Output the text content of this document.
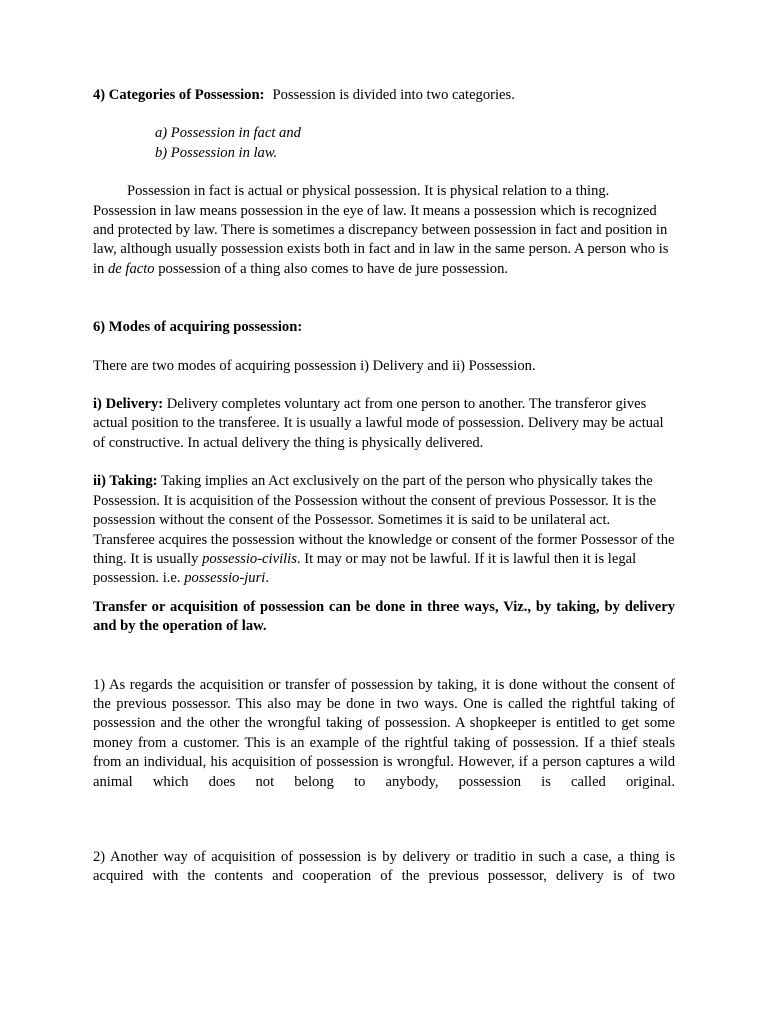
4) Categories of Possession: Possession is divided into two categories.

a) Possession in fact and

b) Possession in law.

Possession in fact is actual or physical possession. It is physical relation to a thing. Possession in law means possession in the eye of law. It means a possession which is recognized and protected by law. There is sometimes a discrepancy between possession in fact and position in law, although usually possession exists both in fact and in law in the same person. A person who is in de facto possession of a thing also comes to have de jure possession.

6) Modes of acquiring possession:

There are two modes of acquiring possession i) Delivery and ii) Possession.

i) Delivery: Delivery completes voluntary act from one person to another. The transferor gives actual position to the transferee. It is usually a lawful mode of possession. Delivery may be actual of constructive. In actual delivery the thing is physically delivered.

ii) Taking: Taking implies an Act exclusively on the part of the person who physically takes the Possession. It is acquisition of the Possession without the consent of previous Possessor. It is the possession without the consent of the Possessor. Sometimes it is said to be unilateral act. Transferee acquires the possession without the knowledge or consent of the former Possessor of the thing. It is usually possessio-civilis. It may or may not be lawful. If it is lawful then it is legal possession. i.e. possessio-juri.

Transfer or acquisition of possession can be done in three ways, Viz., by taking, by delivery and by the operation of law.

1) As regards the acquisition or transfer of possession by taking, it is done without the consent of the previous possessor. This also may be done in two ways. One is called the rightful taking of possession and the other the wrongful taking of possession. A shopkeeper is entitled to get some money from a customer. This is an example of the rightful taking of possession. If a thief steals from an individual, his acquisition of possession is wrongful. However, if a person captures a wild animal which does not belong to anybody, possession is called original.

2) Another way of acquisition of possession is by delivery or traditio in such a case, a thing is acquired with the contents and cooperation of the previous possessor, delivery is of two
